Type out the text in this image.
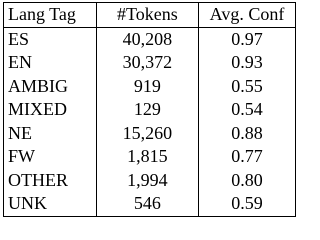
Lang Tag	#Tokens	Avg. Conf
ES	40,208	0.97
EN	30,372	0.93
AMBIG	919	0.55
MIXED	129	0.54
NE	15,260	0.88
FW	1,815	0.77
OTHER	1,994	0.80
UNK	546	0.59
